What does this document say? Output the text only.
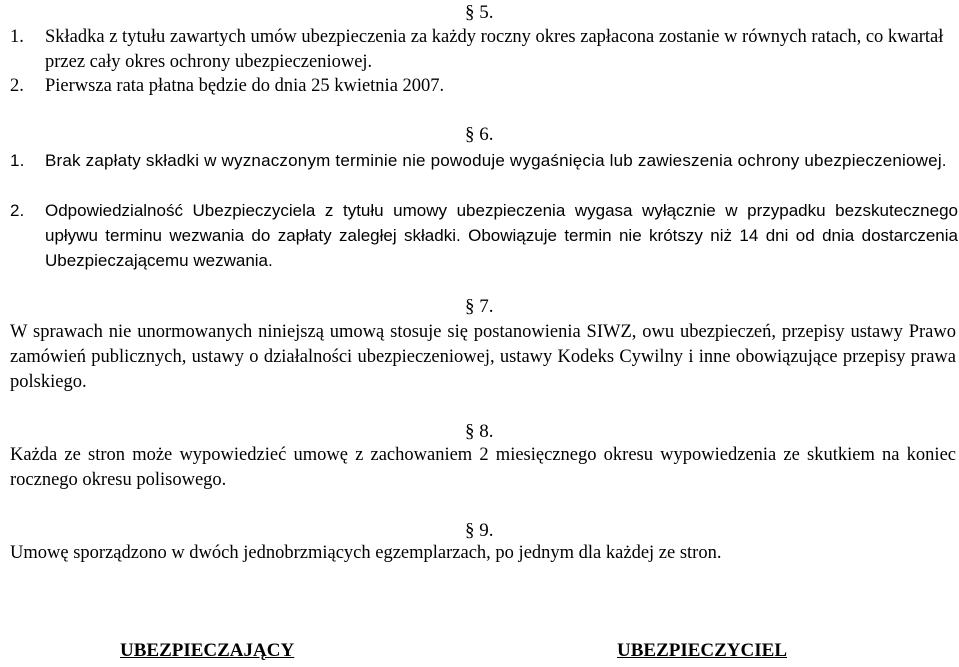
§ 5.
1. Składka z tytułu zawartych umów ubezpieczenia za każdy roczny okres zapłacona zostanie w równych ratach, co kwartał przez cały okres ochrony ubezpieczeniowej.
2. Pierwsza rata płatna będzie do dnia 25 kwietnia 2007.
§ 6.
1. Brak zapłaty składki w wyznaczonym terminie nie powoduje wygaśnięcia lub zawieszenia ochrony ubezpieczeniowej.
2. Odpowiedzialność Ubezpieczyciela z tytułu umowy ubezpieczenia wygasa wyłącznie w przypadku bezskutecznego upływu terminu wezwania do zapłaty zaległej składki. Obowiązuje termin nie krótszy niż 14 dni od dnia dostarczenia Ubezpieczającemu wezwania.
§ 7.
W sprawach nie unormowanych niniejszą umową stosuje się postanowienia SIWZ, owu ubezpieczeń, przepisy ustawy Prawo zamówień publicznych, ustawy o działalności ubezpieczeniowej, ustawy Kodeks Cywilny i inne obowiązujące przepisy prawa polskiego.
§ 8.
Każda ze stron może wypowiedzieć umowę z zachowaniem 2 miesięcznego okresu wypowiedzenia ze skutkiem na koniec rocznego okresu polisowego.
§ 9.
Umowę sporządzono w dwóch jednobrzmiących egzemplarzach, po jednym dla każdej ze stron.
UBEZPIECZAJĄCY	UBEZPIECZYCIEL
